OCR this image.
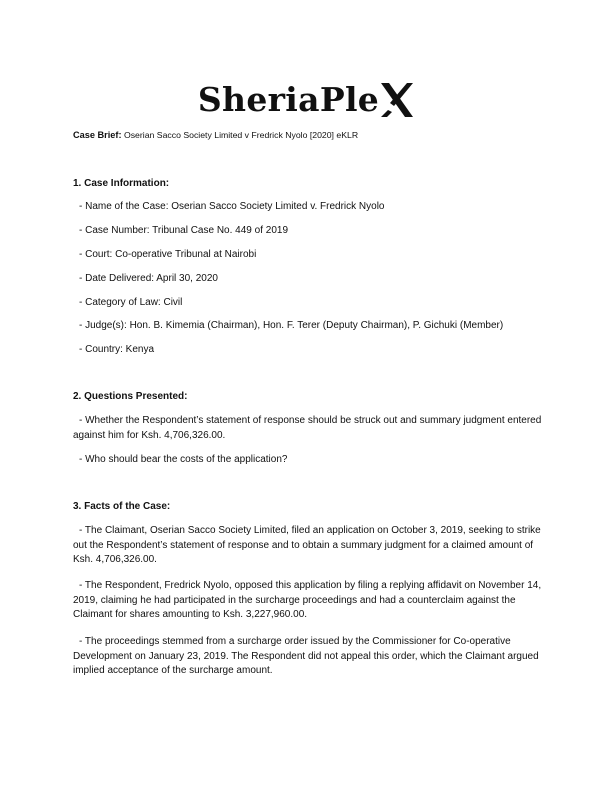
SheriaPle
Case Brief: Oserian Sacco Society Limited v Fredrick Nyolo [2020] eKLR
1. Case Information:
- Name of the Case: Oserian Sacco Society Limited v. Fredrick Nyolo
- Case Number: Tribunal Case No. 449 of 2019
- Court: Co-operative Tribunal at Nairobi
- Date Delivered: April 30, 2020
- Category of Law: Civil
- Judge(s): Hon. B. Kimemia (Chairman), Hon. F. Terer (Deputy Chairman), P. Gichuki (Member)
- Country: Kenya
2. Questions Presented:
- Whether the Respondent’s statement of response should be struck out and summary judgment entered against him for Ksh. 4,706,326.00.
- Who should bear the costs of the application?
3. Facts of the Case:
- The Claimant, Oserian Sacco Society Limited, filed an application on October 3, 2019, seeking to strike out the Respondent’s statement of response and to obtain a summary judgment for a claimed amount of Ksh. 4,706,326.00.
- The Respondent, Fredrick Nyolo, opposed this application by filing a replying affidavit on November 14, 2019, claiming he had participated in the surcharge proceedings and had a counterclaim against the Claimant for shares amounting to Ksh. 3,227,960.00.
- The proceedings stemmed from a surcharge order issued by the Commissioner for Co-operative Development on January 23, 2019. The Respondent did not appeal this order, which the Claimant argued implied acceptance of the surcharge amount.
